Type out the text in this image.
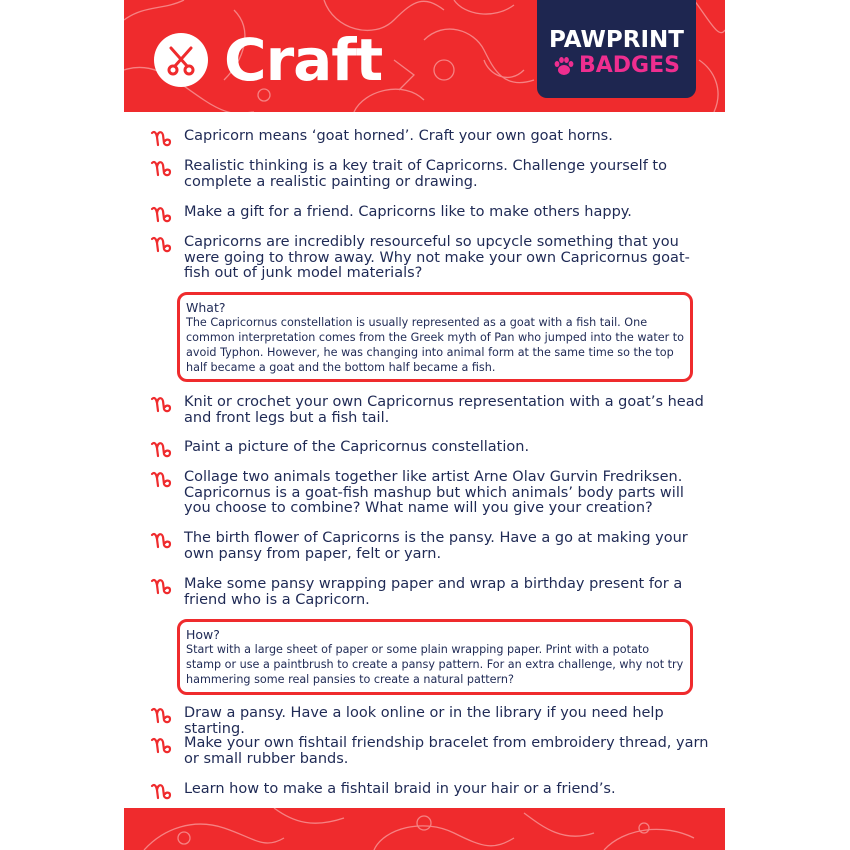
Craft	PAWPRINT
BADGES
Capricorn means ‘goat horned’. Craft your own goat horns.
Realistic thinking is a key trait of Capricorns. Challenge yourself to complete a realistic painting or drawing.
Make a gift for a friend. Capricorns like to make others happy.
Capricorns are incredibly resourceful so upcycle something that you were going to throw away. Why not make your own Capricornus goat-fish out of junk model materials?
What?
The Capricornus constellation is usually represented as a goat with a fish tail. One common interpretation comes from the Greek myth of Pan who jumped into the water to avoid Typhon. However, he was changing into animal form at the same time so the top half became a goat and the bottom half became a fish.
Knit or crochet your own Capricornus representation with a goat’s head and front legs but a fish tail.
Paint a picture of the Capricornus constellation.
Collage two animals together like artist Arne Olav Gurvin Fredriksen. Capricornus is a goat-fish mashup but which animals’ body parts will you choose to combine? What name will you give your creation?
The birth flower of Capricorns is the pansy. Have a go at making your own pansy from paper, felt or yarn.
Make some pansy wrapping paper and wrap a birthday present for a friend who is a Capricorn.
How?
Start with a large sheet of paper or some plain wrapping paper. Print with a potato stamp or use a paintbrush to create a pansy pattern. For an extra challenge, why not try hammering some real pansies to create a natural pattern?
Draw a pansy. Have a look online or in the library if you need help starting.
Make your own fishtail friendship bracelet from embroidery thread, yarn or small rubber bands.
Learn how to make a fishtail braid in your hair or a friend’s.
